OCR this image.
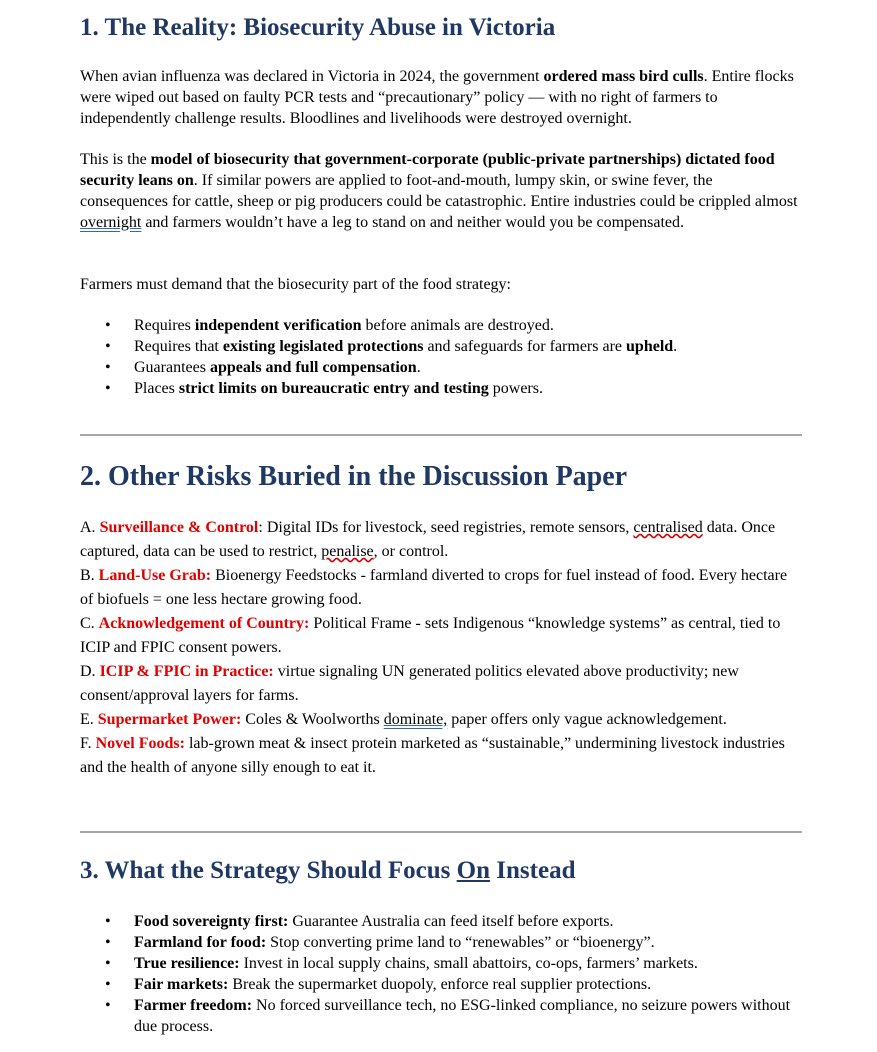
1. The Reality: Biosecurity Abuse in Victoria

When avian influenza was declared in Victoria in 2024, the government ordered mass bird culls. Entire flocks were wiped out based on faulty PCR tests and “precautionary” policy — with no right of farmers to independently challenge results. Bloodlines and livelihoods were destroyed overnight.

This is the model of biosecurity that government-corporate (public-private partnerships) dictated food security leans on. If similar powers are applied to foot-and-mouth, lumpy skin, or swine fever, the consequences for cattle, sheep or pig producers could be catastrophic. Entire industries could be crippled almost overnight and farmers wouldn’t have a leg to stand on and neither would you be compensated.

Farmers must demand that the biosecurity part of the food strategy:

• Requires independent verification before animals are destroyed.
• Requires that existing legislated protections and safeguards for farmers are upheld.
• Guarantees appeals and full compensation.
• Places strict limits on bureaucratic entry and testing powers.
2. Other Risks Buried in the Discussion Paper
A. Surveillance & Control: Digital IDs for livestock, seed registries, remote sensors, centralised data. Once captured, data can be used to restrict, penalise, or control.
B. Land-Use Grab: Bioenergy Feedstocks - farmland diverted to crops for fuel instead of food. Every hectare of biofuels = one less hectare growing food.
C. Acknowledgement of Country: Political Frame - sets Indigenous “knowledge systems” as central, tied to ICIP and FPIC consent powers.
D. ICIP & FPIC in Practice: virtue signaling UN generated politics elevated above productivity; new consent/approval layers for farms.
E. Supermarket Power: Coles & Woolworths dominate, paper offers only vague acknowledgement.
F. Novel Foods: lab-grown meat & insect protein marketed as “sustainable,” undermining livestock industries and the health of anyone silly enough to eat it.
3. What the Strategy Should Focus On Instead
• Food sovereignty first: Guarantee Australia can feed itself before exports.
• Farmland for food: Stop converting prime land to “renewables” or “bioenergy”.
• True resilience: Invest in local supply chains, small abattoirs, co-ops, farmers’ markets.
• Fair markets: Break the supermarket duopoly, enforce real supplier protections.
• Farmer freedom: No forced surveillance tech, no ESG-linked compliance, no seizure powers without due process.
